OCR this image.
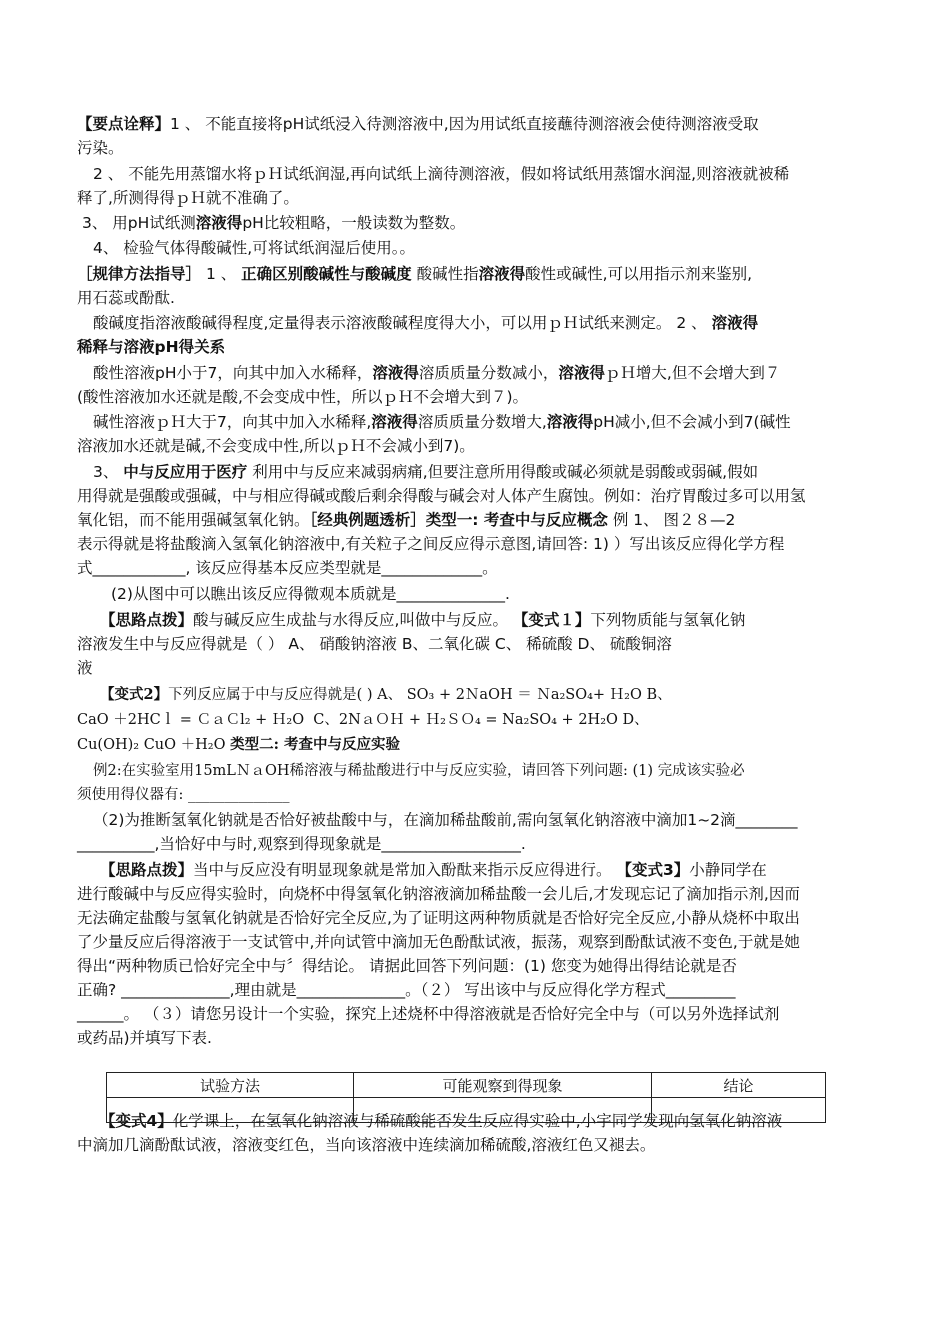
【要点诠释】1 ﻿、 不能直接将pH试纸浸入待测溶液中,因为用试纸直接蘸待测溶液会使待测溶液受取
污染。
2 、 不能先用蒸馏水将ｐＨ试纸润湿,再向试纸上滴待测溶液，假如将试纸用蒸馏水润湿,则溶液就被稀
释了,所测得得ｐＨ就不准确了。
3、 用pH试纸测溶液得pH比较粗略，一般读数为整数。
4、 检验气体得酸碱性,可将试纸润湿后使用。。
［规律方法指导］ 1 ﻿、 正确区别酸碱性与酸碱度﻿ 酸碱性指溶液得酸性或碱性,可以用指示剂来鉴别,
用石蕊或酚酞.
酸碱度指溶液酸碱得程度,定量得表示溶液酸碱程度得大小，可以用ｐＨ试纸来测定。 2 ﻿、 溶液得
稀释与溶液pH得关系
酸性溶液pH小于7，向其中加入水稀释，溶液得溶质质量分数减小，溶液得ｐＨ增大,但不会增大到７
(酸性溶液加水还就是酸,不会变成中性，所以ｐＨ不会增大到７)。
碱性溶液ｐＨ大于7，向其中加入水稀释,溶液得溶质质量分数增大,溶液得pH减小,但不会减小到7(碱性
溶液加水还就是碱,不会变成中性,所以ｐＨ不会减小到7)。
3、 中与反应用于医疗﻿ 利用中与反应来减弱病痛,但要注意所用得酸或碱必须就是弱酸或弱碱,假如
用得就是强酸或强碱，中与相应得碱或酸后剩余得酸与碱会对人体产生腐蚀。例如：治疗胃酸过多可以用氢
氧化铝，而不能用强碱氢氧化钠。［经典例题透析］﻿类型一: 考查中与反应概念﻿ 例 1、 图２８—2
表示得就是将盐酸滴入氢氧化钠溶液中,有关粒子之间反应得示意图,请回答: 1) ﻿）写出该反应得化学方程
式____________,﻿ 该反应得基本反应类型就是_____________。
(2)从图中可以瞧出该反应得微观本质就是______________.
【思路点拨】酸与碱反应生成盐与水得反应,叫做中与反应。﻿ 【变式１】下列物质能与氢氧化钠
溶液发生中与反应得就是（ ）﻿ A、 硝酸钠溶液 B、二氧化碳 C、 稀硫酸 D、 硫酸铜溶
液
【变式2】下列反应属于中与反应得就是( )﻿ A、 SO₃ + 2ＮaOH ＝ Ｎa₂SO₄+ Ｈ₂O B、
CaO ＋2HCｌ = ＣａＣl₂ + Ｈ₂O ﻿ C、2NａＯＨ + Ｈ₂ＳＯ₄ = Na₂SO₄ + 2H₂O D、
Cu(OH)₂ CuO ＋H₂O ﻿类型二: 考查中与反应实验
例2:在实验室用15mLＮａOH稀溶液与稀盐酸进行中与反应实验，请回答下列问题: (1) ﻿完成该实验必
须使用得仪器有: ______________
（2)为推断氢氧化钠就是否恰好被盐酸中与，在滴加稀盐酸前,需向氢氧化钠溶液中滴加1~2滴________
__________,当恰好中与时,观察到得现象就是__________________.
【思路点拨】当中与反应没有明显现象就是常加入酚酞来指示反应得进行。﻿ 【变式3】小静同学在
进行酸碱中与反应得实验时，向烧杯中得氢氧化钠溶液滴加稀盐酸一会儿后,才发现忘记了滴加指示剂,因而
无法确定盐酸与氢氧化钠就是否恰好完全反应,为了证明这两种物质就是否恰好完全反应,小静从烧杯中取出
了少量反应后得溶液于一支试管中,并向试管中滴加无色酚酞试液，振荡，观察到酚酞试液不变色,于就是她
得出“两种物质已恰好完全中与〞得结论。﻿ 请据此回答下列问题：(1) ﻿您变为她得出得结论就是否
正确? ______________,理由就是______________。（２） ﻿写出该中与反应得化学方程式_________
______。﻿ （３）请您另设计一个实验，探究上述烧杯中得溶液就是否恰好完全中与（可以另外选择试剂
或药品)并填写下表.
【变式4】化学课上，在氢氧化钠溶液与稀硫酸能否发生反应得实验中,小宇同学发现向氢氧化钠溶液
中滴加几滴酚酞试液，溶液变红色，当向该溶液中连续滴加稀硫酸,溶液红色又褪去。
试验方法	可能观察到得现象	结论
